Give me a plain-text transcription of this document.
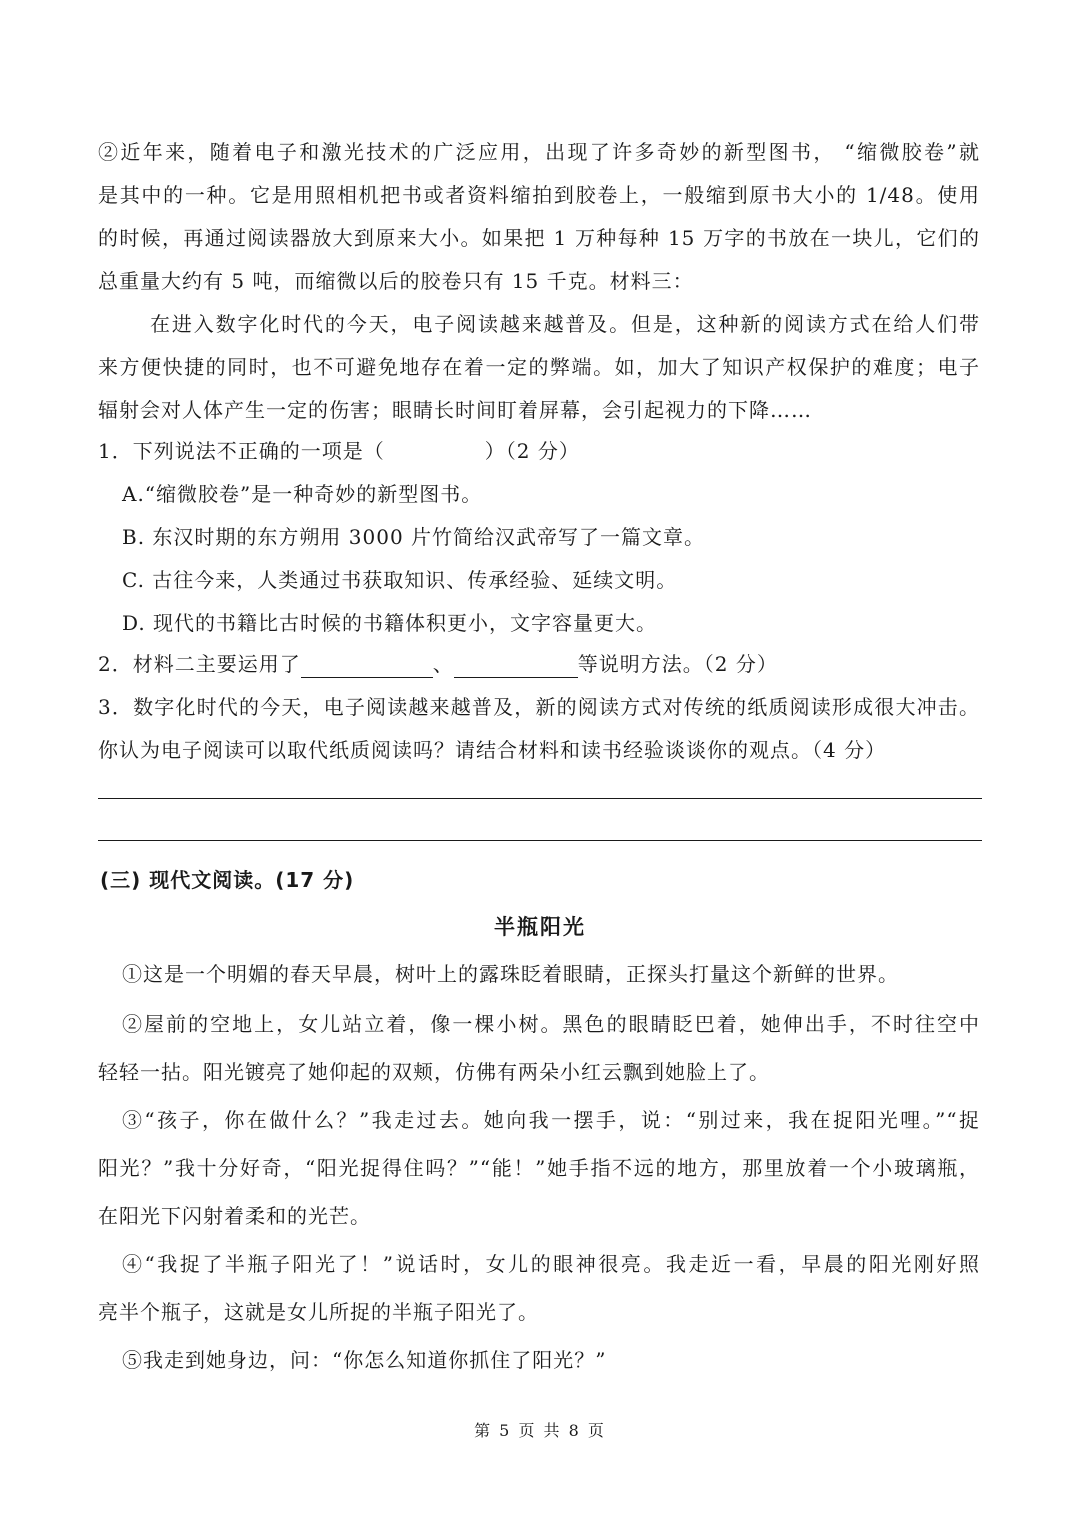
②近年来，随着电子和激光技术的广泛应用，出现了许多奇妙的新型图书， “缩微胶卷”就
是其中的一种。它是用照相机把书或者资料缩拍到胶卷上，一般缩到原书大小的 1/48。使用
的时候，再通过阅读器放大到原来大小。如果把 1 万种每种 15 万字的书放在一块儿，它们的
总重量大约有 5 吨，而缩微以后的胶卷只有 15 千克。材料三：
在进入数字化时代的今天，电子阅读越来越普及。但是，这种新的阅读方式在给人们带
来方便快捷的同时，也不可避免地存在着一定的弊端。如，加大了知识产权保护的难度；电子
辐射会对人体产生一定的伤害；眼睛长时间盯着屏幕，会引起视力的下降……
1．下列说法不正确的一项是（	）（2 分）
A.“缩微胶卷”是一种奇妙的新型图书。
B. 东汉时期的东方朔用 3000 片竹简给汉武帝写了一篇文章。
C. 古往今来，人类通过书获取知识、传承经验、延续文明。
D. 现代的书籍比古时候的书籍体积更小，文字容量更大。
2．材料二主要运用了	、	等说明方法。（2 分）
3．数字化时代的今天，电子阅读越来越普及，新的阅读方式对传统的纸质阅读形成很大冲击。
你认为电子阅读可以取代纸质阅读吗？请结合材料和读书经验谈谈你的观点。（4 分）
(三) 现代文阅读。(17 分)
半瓶阳光
①这是一个明媚的春天早晨，树叶上的露珠眨着眼睛，正探头打量这个新鲜的世界。
②屋前的空地上，女儿站立着，像一棵小树。黑色的眼睛眨巴着，她伸出手，不时往空中
轻轻一拈。阳光镀亮了她仰起的双颊，仿佛有两朵小红云飘到她脸上了。
③“孩子，你在做什么？”我走过去。她向我一摆手，说：“别过来，我在捉阳光哩。”“捉
阳光？”我十分好奇，“阳光捉得住吗？”“能！”她手指不远的地方，那里放着一个小玻璃瓶，
在阳光下闪射着柔和的光芒。
④“我捉了半瓶子阳光了！”说话时，女儿的眼神很亮。我走近一看，早晨的阳光刚好照
亮半个瓶子，这就是女儿所捉的半瓶子阳光了。
⑤我走到她身边，问：“你怎么知道你抓住了阳光？”
第 5 页 共 8 页
